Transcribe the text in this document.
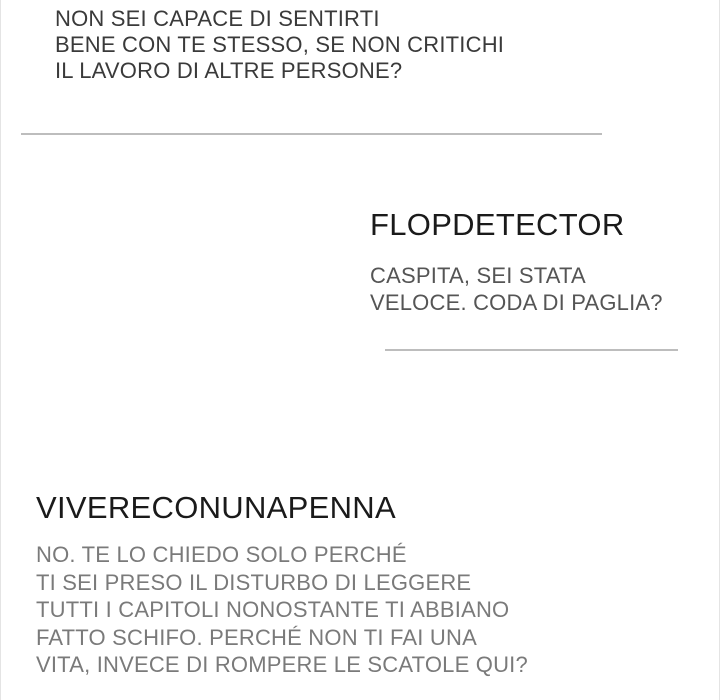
NON SEI CAPACE DI SENTIRTI
BENE CON TE STESSO, SE NON CRITICHI
IL LAVORO DI ALTRE PERSONE?

FLOPDETECTOR

CASPITA, SEI STATA
VELOCE. CODA DI PAGLIA?

VIVERECONUNAPENNA

NO. TE LO CHIEDO SOLO PERCHÉ
TI SEI PRESO IL DISTURBO DI LEGGERE
TUTTI I CAPITOLI NONOSTANTE TI ABBIANO
FATTO SCHIFO. PERCHÉ NON TI FAI UNA
VITA, INVECE DI ROMPERE LE SCATOLE QUI?
